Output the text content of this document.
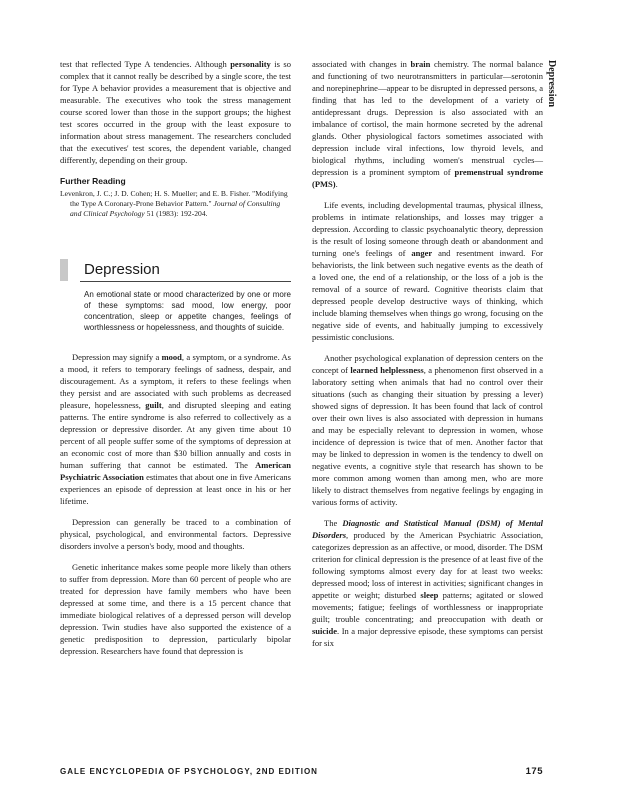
Depression

test that reflected Type A tendencies. Although personality is so complex that it cannot really be described by a single score, the test for Type A behavior provides a measurement that is objective and measurable. The executives who took the stress management course scored lower than those in the support groups; the highest test scores occurred in the group with the least exposure to information about stress management. The researchers concluded that the executives' test scores, the dependent variable, changed differently, depending on their group.

Further Reading
Levenkron, J. C.; J. D. Cohen; H. S. Mueller; and E. B. Fisher. "Modifying the Type A Coronary-Prone Behavior Pattern." Journal of Consulting and Clinical Psychology 51 (1983): 192-204.
Depression
An emotional state or mood characterized by one or more of these symptoms: sad mood, low energy, poor concentration, sleep or appetite changes, feelings of worthlessness or hopelessness, and thoughts of suicide.

Depression may signify a mood, a symptom, or a syndrome. As a mood, it refers to temporary feelings of sadness, despair, and discouragement. As a symptom, it refers to these feelings when they persist and are associated with such problems as decreased pleasure, hopelessness, guilt, and disrupted sleeping and eating patterns. The entire syndrome is also referred to collectively as a depression or depressive disorder. At any given time about 10 percent of all people suffer some of the symptoms of depression at an economic cost of more than $30 billion annually and costs in human suffering that cannot be estimated. The American Psychiatric Association estimates that about one in five Americans experiences an episode of depression at least once in his or her lifetime.

Depression can generally be traced to a combination of physical, psychological, and environmental factors. Depressive disorders involve a person's body, mood and thoughts.

Genetic inheritance makes some people more likely than others to suffer from depression. More than 60 percent of people who are treated for depression have family members who have been depressed at some time, and there is a 15 percent chance that immediate biological relatives of a depressed person will develop depression. Twin studies have also supported the existence of a genetic predisposition to depression, particularly bipolar depression. Researchers have found that depression is

associated with changes in brain chemistry. The normal balance and functioning of two neurotransmitters in particular—serotonin and norepinephrine—appear to be disrupted in depressed persons, a finding that has led to the development of a variety of antidepressant drugs. Depression is also associated with an imbalance of cortisol, the main hormone secreted by the adrenal glands. Other physiological factors sometimes associated with depression include viral infections, low thyroid levels, and biological rhythms, including women's menstrual cycles—depression is a prominent symptom of premenstrual syndrome (PMS).

Life events, including developmental traumas, physical illness, problems in intimate relationships, and losses may trigger a depression. According to classic psychoanalytic theory, depression is the result of losing someone through death or abandonment and turning one's feelings of anger and resentment inward. For behaviorists, the link between such negative events as the death of a loved one, the end of a relationship, or the loss of a job is the removal of a source of reward. Cognitive theorists claim that depressed people develop destructive ways of thinking, which include blaming themselves when things go wrong, focusing on the negative side of events, and habitually jumping to excessively pessimistic conclusions.

Another psychological explanation of depression centers on the concept of learned helplessness, a phenomenon first observed in a laboratory setting when animals that had no control over their situations (such as changing their situation by pressing a lever) showed signs of depression. It has been found that lack of control over their own lives is also associated with depression in humans and may be especially relevant to depression in women, whose incidence of depression is twice that of men. Another factor that may be linked to depression in women is the tendency to dwell on negative events, a cognitive style that research has shown to be more common among women than among men, who are more likely to distract themselves from negative feelings by engaging in various forms of activity.

The Diagnostic and Statistical Manual (DSM) of Mental Disorders, produced by the American Psychiatric Association, categorizes depression as an affective, or mood, disorder. The DSM criterion for clinical depression is the presence of at least five of the following symptoms almost every day for at least two weeks: depressed mood; loss of interest in activities; significant changes in appetite or weight; disturbed sleep patterns; agitated or slowed movements; fatigue; feelings of worthlessness or inappropriate guilt; trouble concentrating; and preoccupation with death or suicide. In a major depressive episode, these symptoms can persist for six

GALE ENCYCLOPEDIA OF PSYCHOLOGY, 2ND EDITION	175
